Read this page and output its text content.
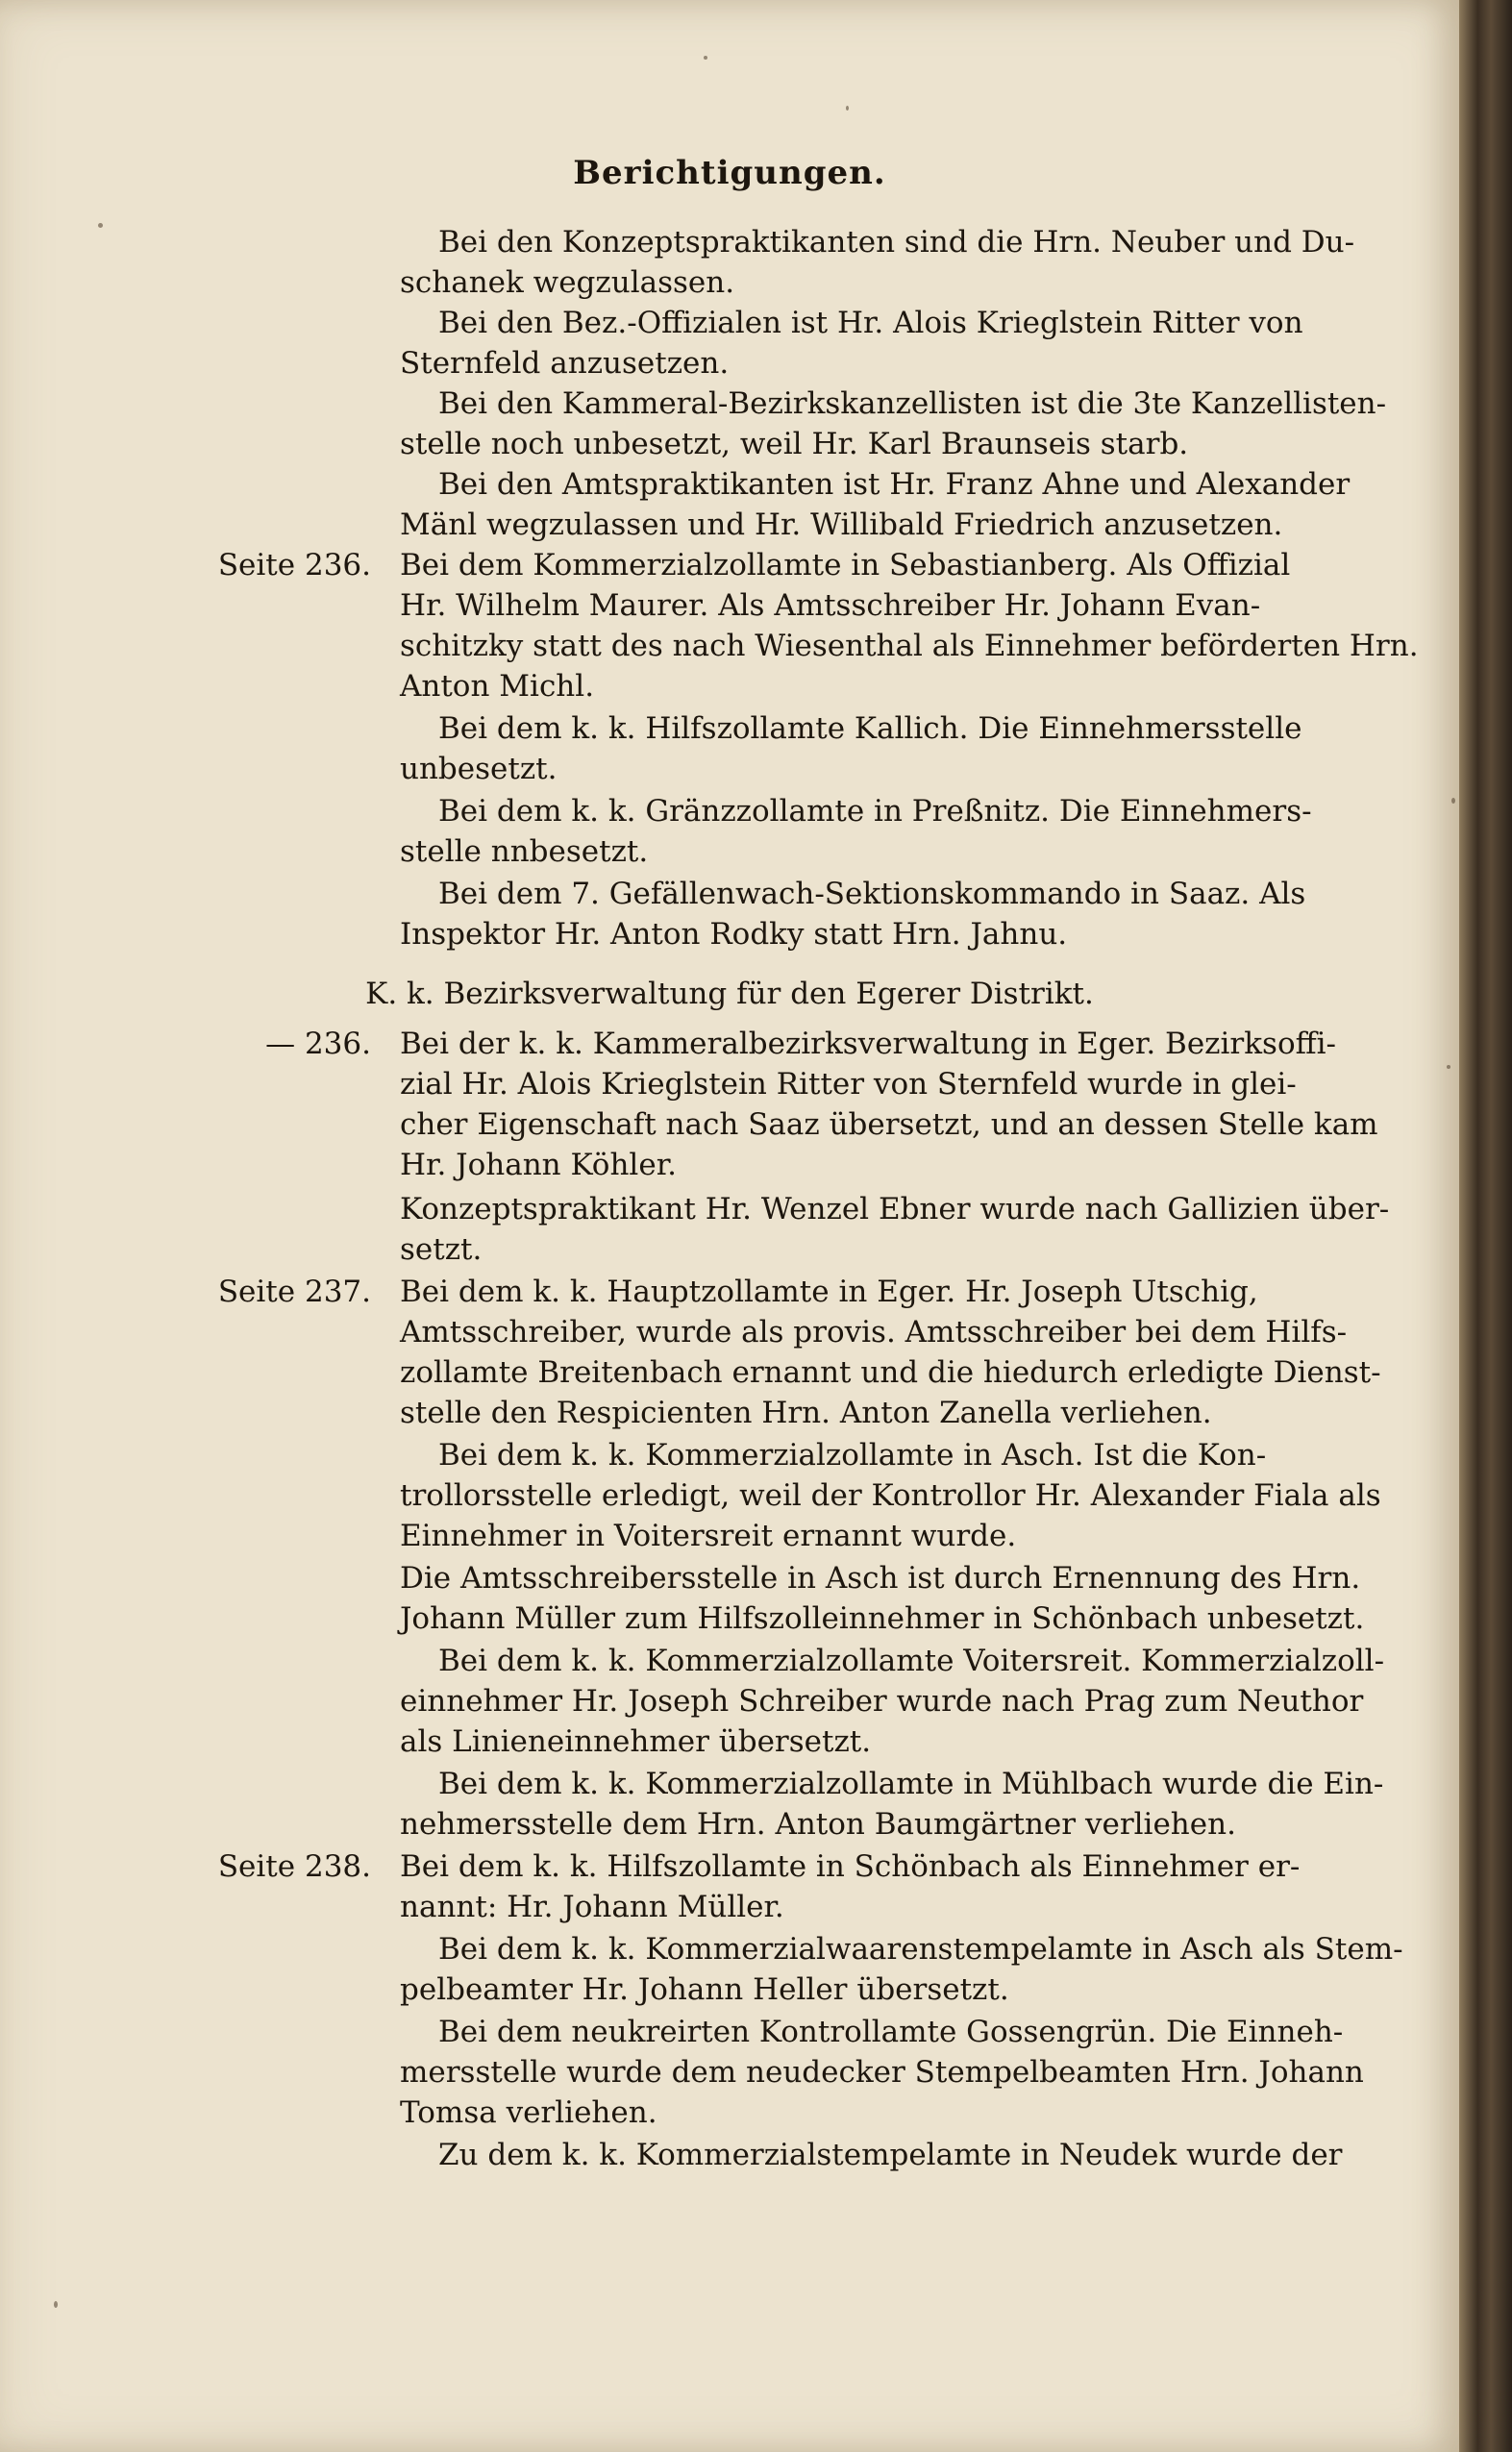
Berichtigungen.
Bei den Konzeptspraktikanten sind die Hrn. Neuber und Du-
schanek wegzulassen.
Bei den Bez.-Offizialen ist Hr. Alois Krieglstein Ritter von
Sternfeld anzusetzen.
Bei den Kammeral-Bezirkskanzellisten ist die 3te Kanzellisten-
stelle noch unbesetzt, weil Hr. Karl Braunseis starb.
Bei den Amtspraktikanten ist Hr. Franz Ahne und Alexander
Mänl wegzulassen und Hr. Willibald Friedrich anzusetzen.
Seite 236. Bei dem Kommerzialzollamte in Sebastianberg. Als Offizial
Hr. Wilhelm Maurer. Als Amtsschreiber Hr. Johann Evan-
schitzky statt des nach Wiesenthal als Einnehmer beförderten Hrn.
Anton Michl.
Bei dem k. k. Hilfszollamte Kallich. Die Einnehmersstelle
unbesetzt.
Bei dem k. k. Gränzzollamte in Preßnitz. Die Einnehmers-
stelle nnbesetzt.
Bei dem 7. Gefällenwach-Sektionskommando in Saaz. Als
Inspektor Hr. Anton Rodky statt Hrn. Jahnu.
K. k. Bezirksverwaltung für den Egerer Distrikt.
— 236. Bei der k. k. Kammeralbezirksverwaltung in Eger. Bezirksoffi-
zial Hr. Alois Krieglstein Ritter von Sternfeld wurde in glei-
cher Eigenschaft nach Saaz übersetzt, und an dessen Stelle kam
Hr. Johann Köhler.
Konzeptspraktikant Hr. Wenzel Ebner wurde nach Gallizien über-
setzt.
Seite 237. Bei dem k. k. Hauptzollamte in Eger. Hr. Joseph Utschig,
Amtsschreiber, wurde als provis. Amtsschreiber bei dem Hilfs-
zollamte Breitenbach ernannt und die hiedurch erledigte Dienst-
stelle den Respicienten Hrn. Anton Zanella verliehen.
Bei dem k. k. Kommerzialzollamte in Asch. Ist die Kon-
trollorsstelle erledigt, weil der Kontrollor Hr. Alexander Fiala als
Einnehmer in Voitersreit ernannt wurde.
Die Amtsschreibersstelle in Asch ist durch Ernennung des Hrn.
Johann Müller zum Hilfszolleinnehmer in Schönbach unbesetzt.
Bei dem k. k. Kommerzialzollamte Voitersreit. Kommerzialzoll-
einnehmer Hr. Joseph Schreiber wurde nach Prag zum Neuthor
als Linieneinnehmer übersetzt.
Bei dem k. k. Kommerzialzollamte in Mühlbach wurde die Ein-
nehmersstelle dem Hrn. Anton Baumgärtner verliehen.
Seite 238. Bei dem k. k. Hilfszollamte in Schönbach als Einnehmer er-
nannt: Hr. Johann Müller.
Bei dem k. k. Kommerzialwaarenstempelamte in Asch als Stem-
pelbeamter Hr. Johann Heller übersetzt.
Bei dem neukreirten Kontrollamte Gossengrün. Die Einneh-
mersstelle wurde dem neudecker Stempelbeamten Hrn. Johann
Tomsa verliehen.
Zu dem k. k. Kommerzialstempelamte in Neudek wurde der
